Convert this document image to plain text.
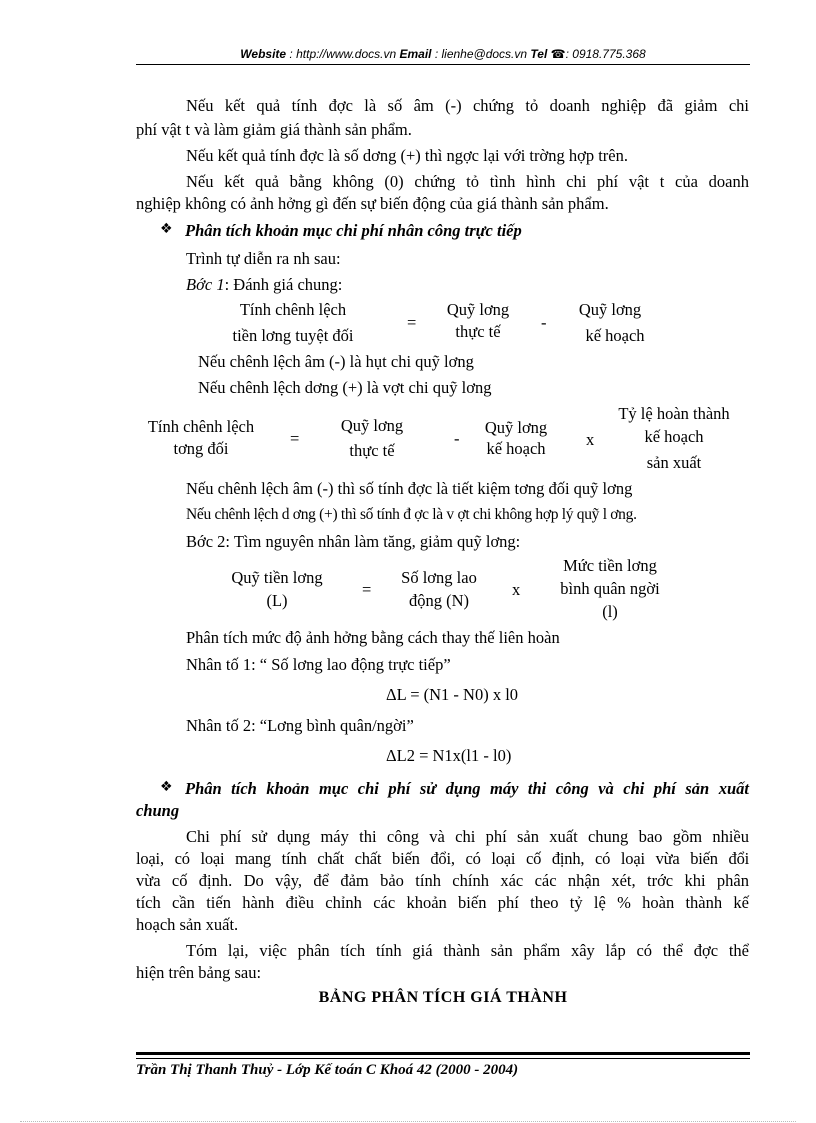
Website : http://www.docs.vn Email : lienhe@docs.vn Tel ☎: 0918.775.368
Nếu kết quả tính đợc là số âm (-) chứng tỏ doanh nghiệp đã giảm chi
phí vật t và làm giảm giá thành sản phẩm.
Nếu kết quả tính đợc là số dơng (+) thì ngợc lại với trờng hợp trên.
Nếu kết quả bằng không (0) chứng tỏ tình hình chi phí vật t của doanh
nghiệp không có ảnh hởng gì đến sự biến động của giá thành sản phẩm.
❖ Phân tích khoản mục chi phí nhân công trực tiếp
Trình tự diễn ra nh sau:
Bớc 1: Đánh giá chung:
Tính chênh lệch
tiền lơng tuyệt đối
=
Quỹ lơng
thực tế	-
Quỹ lơng
kế hoạch
Nếu chênh lệch âm (-) là hụt chi quỹ lơng
Nếu chênh lệch dơng (+) là vợt chi quỹ lơng
Tính chênh lệch
tơng đối
=
Quỹ lơng
thực tế
-
Quỹ lơng
kế hoạch	x
Tỷ lệ hoàn thành
kế hoạch
sản xuất
Nếu chênh lệch âm (-) thì số tính đợc là tiết kiệm tơng đối quỹ lơng
Nếu chênh lệch d ơng (+) thì số tính đ ợc là v ợt chi không hợp lý quỹ l ơng.
Bớc 2: Tìm nguyên nhân làm tăng, giảm quỹ lơng:
Quỹ tiền lơng
(L)
=
Số lơng lao
động (N)
x
Mức tiền lơng
bình quân ngời
(l)
Phân tích mức độ ảnh hởng bằng cách thay thế liên hoàn
Nhân tố 1: “ Số lơng lao động trực tiếp”
ΔL = (N1 - N0) x l0
Nhân tố 2: “Lơng bình quân/ngời”
ΔL2 = N1x(l1 - l0)
❖ Phân tích khoản mục chi phí sử dụng máy thi công và chi phí sản xuất
chung
Chi phí sử dụng máy thi công và chi phí sản xuất chung bao gồm nhiều
loại, có loại mang tính chất chất biến đổi, có loại cố định, có loại vừa biến đổi
vừa cố định. Do vậy, để đảm bảo tính chính xác các nhận xét, trớc khi phân
tích cần tiến hành điều chỉnh các khoản biến phí theo tỷ lệ % hoàn thành kế
hoạch sản xuất.
Tóm lại, việc phân tích tính giá thành sản phẩm xây lắp có thể đợc thể
hiện trên bảng sau:
BẢNG PHÂN TÍCH GIÁ THÀNH
Trần Thị Thanh Thuỷ - Lớp Kế toán C Khoá 42 (2000 - 2004)
